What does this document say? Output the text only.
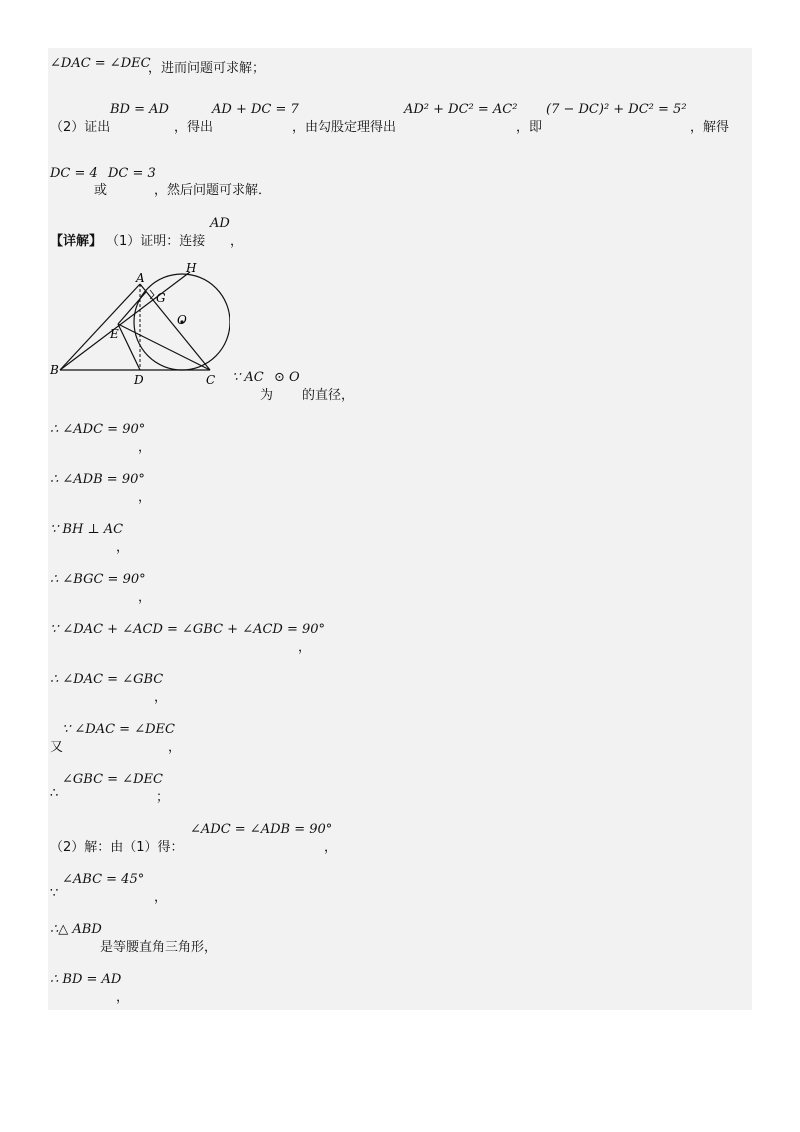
∠DAC = ∠DEC
，进而问题可求解；
（2）证出
BD = AD
，得出
AD + DC = 7
，由勾股定理得出
AD² + DC² = AC²
，即
(7 − DC)² + DC² = 5²
，解得
DC = 4
或
DC = 3
，然后问题可求解．
【详解】 （1）证明：连接
AD
，
A
H
G
O
E
B
D	C ∵ AC
为
⊙ O
的直径，
∴ ∠ADC = 90°
，
∴ ∠ADB = 90°
，
∵ BH ⊥ AC
，
∴ ∠BGC = 90°
，
∵ ∠DAC + ∠ACD = ∠GBC + ∠ACD = 90°
，
∴ ∠DAC = ∠GBC
，
又
∵ ∠DAC = ∠DEC
，
∴
∠GBC = ∠DEC
；
（2）解：由（1）得：
∠ADC = ∠ADB = 90°
，
∵
∠ABC = 45°
，
∴△ ABD
是等腰直角三角形，
∴ BD = AD
，
